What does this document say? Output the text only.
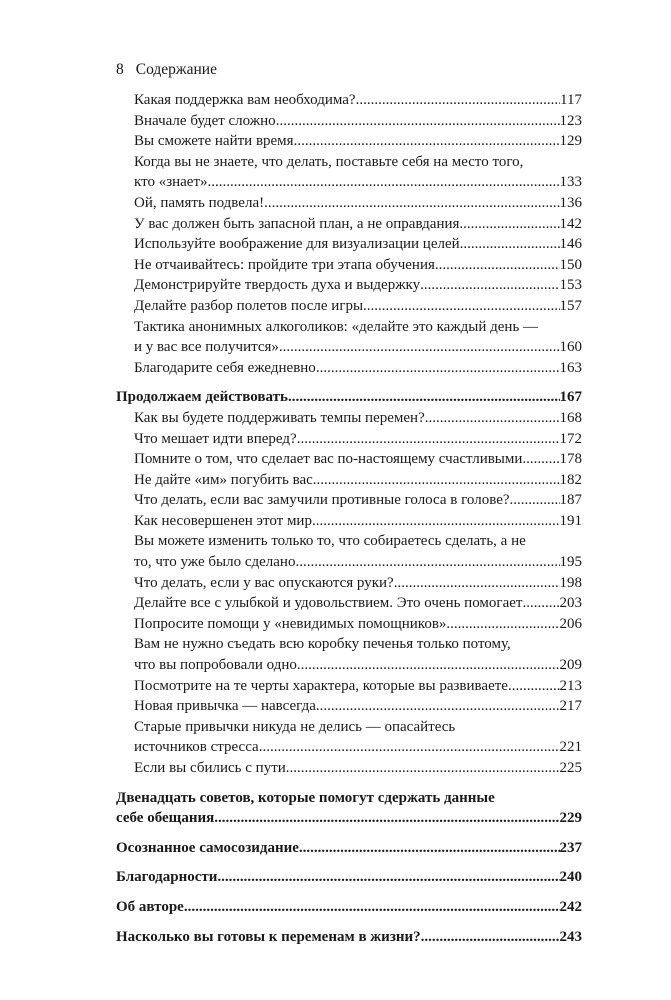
8 Содержание
Какая поддержка вам необходима? .....	117
Вначале будет сложно .....	123
Вы сможете найти время .....	129
Когда вы не знаете, что делать, поставьте себя на место того,
кто «знает» .....	133
Ой, память подвела! .....	136
У вас должен быть запасной план, а не оправдания .....	142
Используйте воображение для визуализации целей .....	146
Не отчаивайтесь: пройдите три этапа обучения .....	150
Демонстрируйте твердость духа и выдержку .....	153
Делайте разбор полетов после игры .....	157
Тактика анонимных алкоголиков: «делайте это каждый день —
и у вас все получится» .....	160
Благодарите себя ежедневно .....	163
Продолжаем действовать .....	167
Как вы будете поддерживать темпы перемен? .....	168
Что мешает идти вперед? .....	172
Помните о том, что сделает вас по-настоящему счастливыми ..... 178
Не дайте «им» погубить вас .....	182
Что делать, если вас замучили противные голоса в голове? .....	187
Как несовершенен этот мир .....	191
Вы можете изменить только то, что собираетесь сделать, а не
то, что уже было сделано .....	195
Что делать, если у вас опускаются руки? .....	198
Делайте все с улыбкой и удовольствием. Это очень помогает ..... 203
Попросите помощи у «невидимых помощников» .....	206
Вам не нужно съедать всю коробку печенья только потому,
что вы попробовали одно .....	209
Посмотрите на те черты характера, которые вы развиваете .....	213
Новая привычка — навсегда .....	217
Старые привычки никуда не делись — опасайтесь
источников стресса .....	221
Если вы сбились с пути .....	225
Двенадцать советов, которые помогут сдержать данные
себе обещания .....	229
Осознанное самосозидание .....	237
Благодарности .....	240
Об авторе .....	242
Насколько вы готовы к переменам в жизни? .....	243
